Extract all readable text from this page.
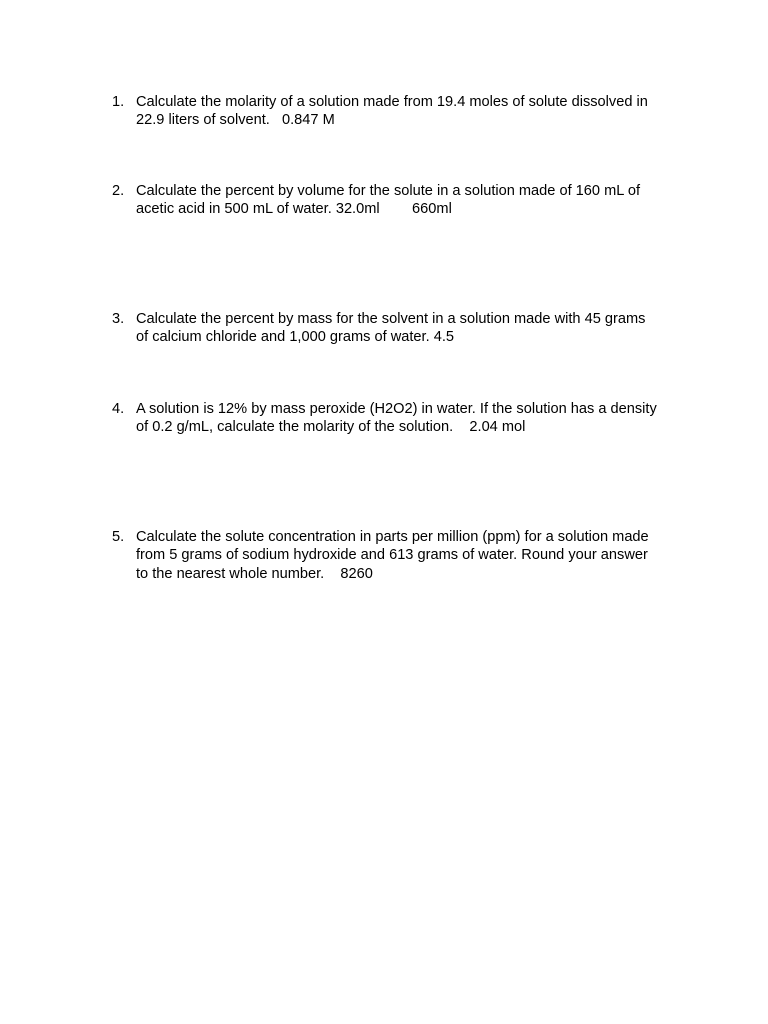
1. Calculate the molarity of a solution made from 19.4 moles of solute dissolved in
22.9 liters of solvent.   0.847 M
2. Calculate the percent by volume for the solute in a solution made of 160 mL of
acetic acid in 500 mL of water. 32.0ml        660ml
3. Calculate the percent by mass for the solvent in a solution made with 45 grams
of calcium chloride and 1,000 grams of water. 4.5
4. A solution is 12% by mass peroxide (H2O2) in water. If the solution has a density
of 0.2 g/mL, calculate the molarity of the solution.    2.04 mol
5. Calculate the solute concentration in parts per million (ppm) for a solution made
from 5 grams of sodium hydroxide and 613 grams of water. Round your answer
to the nearest whole number.    8260
